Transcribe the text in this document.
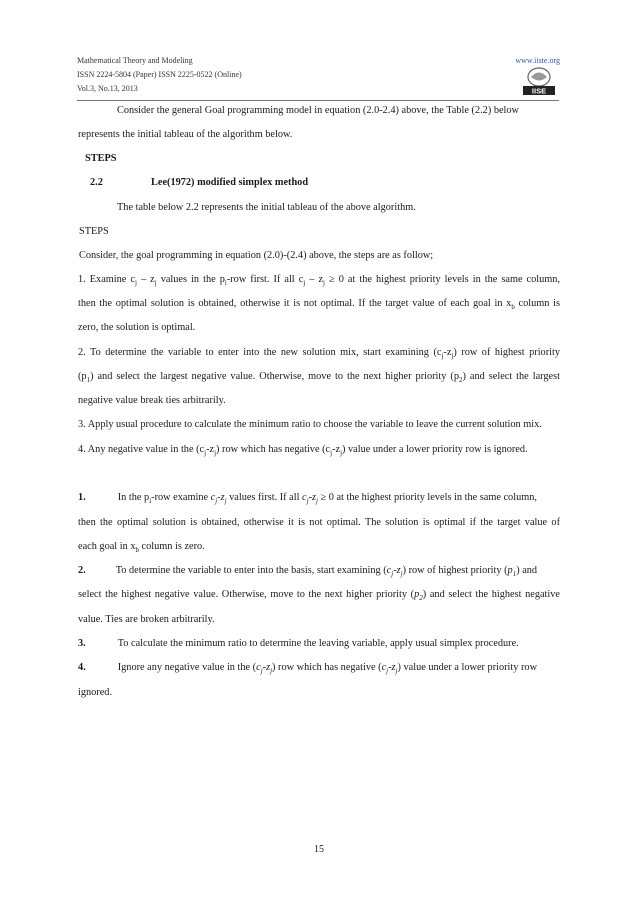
Mathematical Theory and Modeling
ISSN 2224-5804 (Paper) ISSN 2225-0522 (Online)
Vol.3, No.13, 2013
www.iiste.org
IISE
Consider the general Goal programming model in equation (2.0-2.4) above, the Table (2.2) below
represents the initial tableau of the algorithm below.
STEPS
2.2	Lee(1972) modified simplex method
The table below 2.2 represents the initial tableau of the above algorithm.
STEPS
Consider, the goal programming in equation (2.0)-(2.4) above, the steps are as follow;
1. Examine $c_j - z_j$ values in the $p_i$-row first. If all $c_j - z_j \ge 0$ at the highest priority levels in the same column,
then the optimal solution is obtained, otherwise it is not optimal. If the target value of each goal in $x_b$ column is
zero, the solution is optimal.
2. To determine the variable to enter into the new solution mix, start examining $(c_j-z_j)$ row of highest priority
$(p_1)$ and select the largest negative value. Otherwise, move to the next higher priority $(p_2)$ and select the largest
negative value break ties arbitrarily.
3. Apply usual procedure to calculate the minimum ratio to choose the variable to leave the current solution mix.
4. Any negative value in the $(c_j-z_j)$ row which has negative $(c_j-z_j)$ value under a lower priority row is ignored.
1.	In the $p_i$-row examine $c_j-z_j$ values first. If all $c_j-z_j \ge 0$ at the highest priority levels in the same column,
then the optimal solution is obtained, otherwise it is not optimal. The solution is optimal if the target value of
each goal in $x_b$ column is zero.
2.	To determine the variable to enter into the basis, start examining $(c_j-z_j)$ row of highest priority $(p_1)$ and
select the highest negative value. Otherwise, move to the next higher priority $(p_2)$ and select the highest negative
value. Ties are broken arbitrarily.
3.	To calculate the minimum ratio to determine the leaving variable, apply usual simplex procedure.
4.	Ignore any negative value in the $(c_j-z_j)$ row which has negative $(c_j-z_j)$ value under a lower priority row
ignored.
15
